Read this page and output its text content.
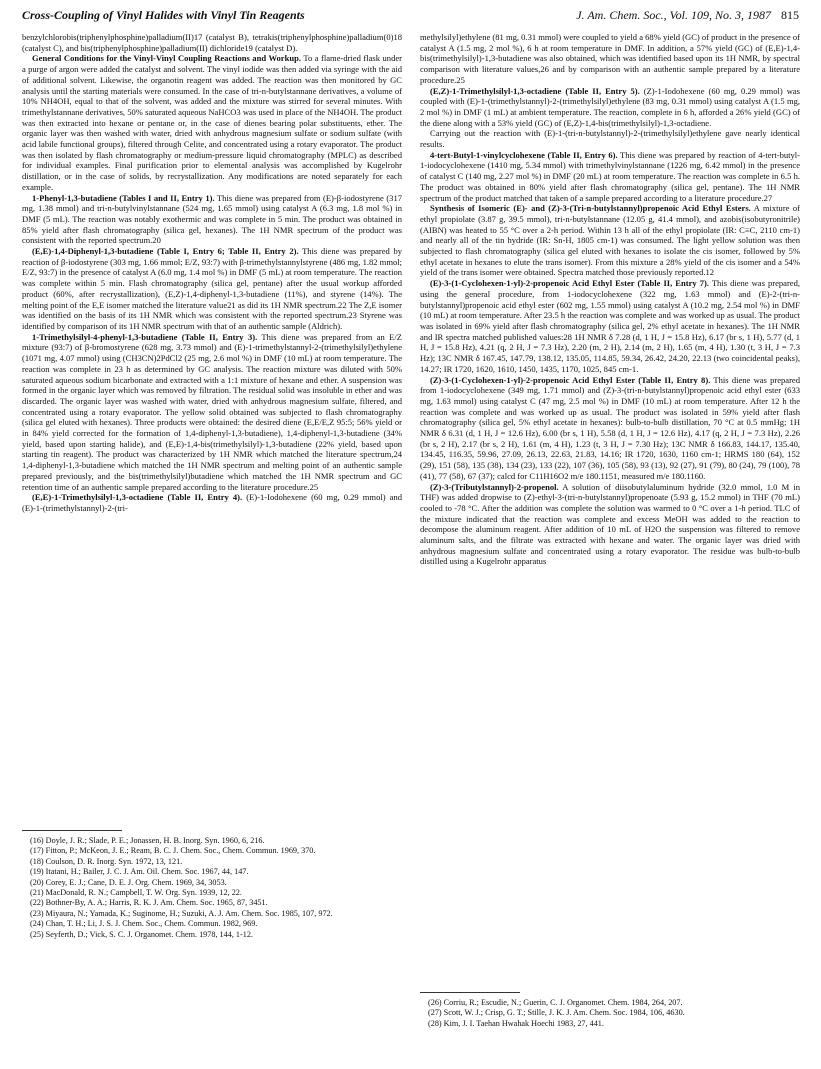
Cross-Coupling of Vinyl Halides with Vinyl Tin Reagents	J. Am. Chem. Soc., Vol. 109, No. 3, 1987 815

benzylchlorobis(triphenylphosphine)palladium(II)17 (catalyst B), tetrakis(triphenylphosphine)palladium(0)18 (catalyst C), and bis(triphenylphosphine)palladium(II) dichloride19 (catalyst D).

General Conditions for the Vinyl-Vinyl Coupling Reactions and Workup. To a flame-dried flask under a purge of argon were added the catalyst and solvent. The vinyl iodide was then added via syringe with the aid of additional solvent. Likewise, the organotin reagent was added. The reaction was then monitored by GC analysis until the starting materials were consumed. In the case of tri-n-butylstannane derivatives, a volume of 10% NH4OH, equal to that of the solvent, was added and the mixture was stirred for several minutes. With trimethylstannane derivatives, 50% saturated aqueous NaHCO3 was used in place of the NH4OH. The product was then extracted into hexane or pentane or, in the case of dienes bearing polar substituents, ether. The organic layer was then washed with water, dried with anhydrous magnesium sulfate or sodium sulfate (with acid labile functional groups), filtered through Celite, and concentrated using a rotary evaporator. The product was then isolated by flash chromatography or medium-pressure liquid chromatography (MPLC) as described for individual examples. Final purification prior to elemental analysis was accomplished by Kugelrohr distillation, or in the case of solids, by recrystallization. Any modifications are noted separately for each example.

1-Phenyl-1,3-butadiene (Tables I and II, Entry 1). This diene was prepared from (E)-β-iodostyrene (317 mg, 1.38 mmol) and tri-n-butylvinylstannane (524 mg, 1.65 mmol) using catalyst A (6.3 mg, 1.8 mol %) in DMF (5 mL). The reaction was notably exothermic and was complete in 5 min. The product was obtained in 85% yield after flash chromatography (silica gel, hexanes). The 1H NMR spectrum of the product was consistent with the reported spectrum.20

(E,E)-1,4-Diphenyl-1,3-butadiene (Table I, Entry 6; Table II, Entry 2). This diene was prepared by reaction of β-iodostyrene (303 mg, 1.66 mmol; E/Z, 93:7) with β-trimethylstannylstyrene (486 mg, 1.82 mmol; E/Z, 93:7) in the presence of catalyst A (6.0 mg, 1.4 mol %) in DMF (5 mL) at room temperature. The reaction was complete within 5 min. Flash chromatography (silica gel, pentane) after the usual workup afforded product (60%, after recrystallization), (E,Z)-1,4-diphenyl-1,3-butadiene (11%), and styrene (14%). The melting point of the E,E isomer matched the literature value21 as did its 1H NMR spectrum.22 The Z,E isomer was identified on the basis of its 1H NMR which was consistent with the reported spectrum.23 Styrene was identified by comparison of its 1H NMR spectrum with that of an authentic sample (Aldrich).

1-Trimethylsilyl-4-phenyl-1,3-butadiene (Table II, Entry 3). This diene was prepared from an E/Z mixture (93:7) of β-bromostyrene (628 mg, 3.73 mmol) and (E)-1-trimethylstannyl-2-(trimethylsilyl)ethylene (1071 mg, 4.07 mmol) using (CH3CN)2PdCl2 (25 mg, 2.6 mol %) in DMF (10 mL) at room temperature. The reaction was complete in 23 h as determined by GC analysis. The reaction mixture was diluted with 50% saturated aqueous sodium bicarbonate and extracted with a 1:1 mixture of hexane and ether. A suspension was formed in the organic layer which was removed by filtration. The residual solid was insoluble in ether and was discarded. The organic layer was washed with water, dried with anhydrous magnesium sulfate, filtered, and concentrated using a rotary evaporator. The yellow solid obtained was subjected to flash chromatography (silica gel eluted with hexanes). Three products were obtained: the desired diene (E,E/E,Z 95:5; 56% yield or in 84% yield corrected for the formation of 1,4-diphenyl-1,3-butadiene), 1,4-diphenyl-1,3-butadiene (34% yield, based upon starting halide), and (E,E)-1,4-bis(trimethylsilyl)-1,3-butadiene (22% yield, based upon starting tin reagent). The product was characterized by 1H NMR which matched the literature spectrum,24 1,4-diphenyl-1,3-butadiene which matched the 1H NMR spectrum and melting point of an authentic sample prepared previously, and the bis(trimethylsilyl)butadiene which matched the 1H NMR spectrum and GC retention time of an authentic sample prepared according to the literature procedure.25

(E,E)-1-Trimethylsilyl-1,3-octadiene (Table II, Entry 4). (E)-1-Iodohexene (60 mg, 0.29 mmol) and (E)-1-(trimethylstannyl)-2-(tri-

methylsilyl)ethylene (81 mg, 0.31 mmol) were coupled to yield a 68% yield (GC) of product in the presence of catalyst A (1.5 mg, 2 mol %), 6 h at room temperature in DMF. In addition, a 57% yield (GC) of (E,E)-1,4-bis(trimethylsilyl)-1,3-butadiene was also obtained, which was identified based upon its 1H NMR, by spectral comparison with literature values,26 and by comparison with an authentic sample prepared by a literature procedure.25

(E,Z)-1-Trimethylsilyl-1,3-octadiene (Table II, Entry 5). (Z)-1-Iodohexene (60 mg, 0.29 mmol) was coupled with (E)-1-(trimethylstannyl)-2-(trimethylsilyl)ethylene (83 mg, 0.31 mmol) using catalyst A (1.5 mg, 2 mol %) in DMF (1 mL) at ambient temperature. The reaction, complete in 6 h, afforded a 26% yield (GC) of the diene along with a 53% yield (GC) of (E,Z)-1,4-bis(trimethylsilyl)-1,3-octadiene.

Carrying out the reaction with (E)-1-(tri-n-butylstannyl)-2-(trimethylsilyl)ethylene gave nearly identical results.

4-tert-Butyl-1-vinylcyclohexene (Table II, Entry 6). This diene was prepared by reaction of 4-tert-butyl-1-iodocyclohexene (1410 mg, 5.34 mmol) with trimethylvinylstannane (1226 mg, 6.42 mmol) in the presence of catalyst C (140 mg, 2.27 mol %) in DMF (20 mL) at room temperature. The reaction was complete in 6.5 h. The product was obtained in 80% yield after flash chromatography (silica gel, pentane). The 1H NMR spectrum of the product matched that taken of a sample prepared according to a literature procedure.27

Synthesis of Isomeric (E)- and (Z)-3-(Tri-n-butylstannyl)propenoic Acid Ethyl Esters. A mixture of ethyl propiolate (3.87 g, 39.5 mmol), tri-n-butylstannane (12.05 g, 41.4 mmol), and azobis(isobutyronitrile) (AIBN) was heated to 55 °C over a 2-h period. Within 13 h all of the ethyl propiolate (IR: C≡C, 2110 cm-1) and nearly all of the tin hydride (IR: Sn-H, 1805 cm-1) was consumed. The light yellow solution was then subjected to flash chromatography (silica gel eluted with hexanes to isolate the cis isomer, followed by 5% ethyl acetate in hexanes to elute the trans isomer). From this mixture a 28% yield of the cis isomer and a 54% yield of the trans isomer were obtained. Spectra matched those previously reported.12

(E)-3-(1-Cyclohexen-1-yl)-2-propenoic Acid Ethyl Ester (Table II, Entry 7). This diene was prepared, using the general procedure, from 1-iodocyclohexene (322 mg, 1.63 mmol) and (E)-2-(tri-n-butylstannyl)propenoic acid ethyl ester (602 mg, 1.55 mmol) using catalyst A (10.2 mg, 2.54 mol %) in DMF (10 mL) at room temperature. After 23.5 h the reaction was complete and was worked up as usual. The product was isolated in 69% yield after flash chromatography (silica gel, 2% ethyl acetate in hexanes). The 1H NMR and IR spectra matched published values:28 1H NMR δ 7.28 (d, 1 H, J = 15.8 Hz), 6.17 (br s, 1 H), 5.77 (d, 1 H, J = 15.8 Hz), 4.21 (q, 2 H, J = 7.3 Hz), 2.20 (m, 2 H), 2.14 (m, 2 H), 1.65 (m, 4 H), 1.30 (t, 3 H, J = 7.3 Hz); 13C NMR δ 167.45, 147.79, 138.12, 135.05, 114.85, 59.34, 26.42, 24.20, 22.13 (two coincidental peaks), 14.27; IR 1720, 1620, 1610, 1450, 1435, 1170, 1025, 845 cm-1.

(Z)-3-(1-Cyclohexen-1-yl)-2-propenoic Acid Ethyl Ester (Table II, Entry 8). This diene was prepared from 1-iodocyclohexene (349 mg, 1.71 mmol) and (Z)-3-(tri-n-butylstannyl)propenoic acid ethyl ester (633 mg, 1.63 mmol) using catalyst C (47 mg, 2.5 mol %) in DMF (10 mL) at room temperature. After 12 h the reaction was complete and was worked up as usual. The product was isolated in 59% yield after flash chromatography (silica gel, 5% ethyl acetate in hexanes): bulb-to-bulb distillation, 70 °C at 0.5 mmHg; 1H NMR δ 6.31 (d, 1 H, J = 12.6 Hz), 6.00 (br s, 1 H), 5.58 (d, 1 H, J = 12.6 Hz), 4.17 (q, 2 H, J = 7.3 Hz), 2.26 (br s, 2 H), 2.17 (br s, 2 H), 1.61 (m, 4 H), 1.23 (t, 3 H, J = 7.30 Hz); 13C NMR δ 166.83, 144.17, 135.40, 134.45, 116.35, 59.96, 27.09, 26.13, 22.63, 21.83, 14.16; IR 1720, 1630, 1160 cm-1; HRMS 180 (64), 152 (29), 151 (58), 135 (38), 134 (23), 133 (22), 107 (36), 105 (58), 93 (13), 92 (27), 91 (79), 80 (24), 79 (100), 78 (41), 77 (58), 67 (37); calcd for C11H16O2 m/e 180.1151, measured m/e 180.1160.

(Z)-3-(Tributylstannyl)-2-propenol. A solution of diisobutylaluminum hydride (32.0 mmol, 1.0 M in THF) was added dropwise to (Z)-ethyl-3-(tri-n-butylstannyl)propenoate (5.93 g, 15.2 mmol) in THF (70 mL) cooled to -78 °C. After the addition was complete the solution was warmed to 0 °C over a 1-h period. TLC of the mixture indicated that the reaction was complete and excess MeOH was added to the reaction to decompose the aluminum reagent. After addition of 10 mL of H2O the suspension was filtered to remove aluminum salts, and the filtrate was extracted with hexane and water. The organic layer was dried with anhydrous magnesium sulfate and concentrated using a rotary evaporator. The residue was bulb-to-bulb distilled using a Kugelrohr apparatus

(16) Doyle, J. R.; Slade, P. E.; Jonassen, H. B. Inorg. Syn. 1960, 6, 216.
(17) Fitton, P.; McKeon, J. E.; Ream, B. C. J. Chem. Soc., Chem. Commun. 1969, 370.
(18) Coulson, D. R. Inorg. Syn. 1972, 13, 121.
(19) Itatani, H.; Bailer, J. C. J. Am. Oil. Chem. Soc. 1967, 44, 147.
(20) Corey, E. J.; Cane, D. E. J. Org. Chem. 1969, 34, 3053.
(21) MacDonald, R. N.; Campbell, T. W. Org. Syn. 1939, 12, 22.
(22) Bothner-By, A. A.; Harris, R. K. J. Am. Chem. Soc. 1965, 87, 3451.
(23) Miyaura, N.; Yamada, K.; Suginome, H.; Suzuki, A. J. Am. Chem. Soc. 1985, 107, 972.
(24) Chan, T. H.; Li, J. S. J. Chem. Soc., Chem. Commun. 1982, 969.
(25) Seyferth, D.; Vick, S. C. J. Organomet. Chem. 1978, 144, 1-12.
(26) Corriu, R.; Escudie, N.; Guerin, C. J. Organomet. Chem. 1984, 264, 207.
(27) Scott, W. J.; Crisp, G. T.; Stille, J. K. J. Am. Chem. Soc. 1984, 106, 4630.
(28) Kim, J. I. Taehan Hwahak Hoechi 1983, 27, 441.
